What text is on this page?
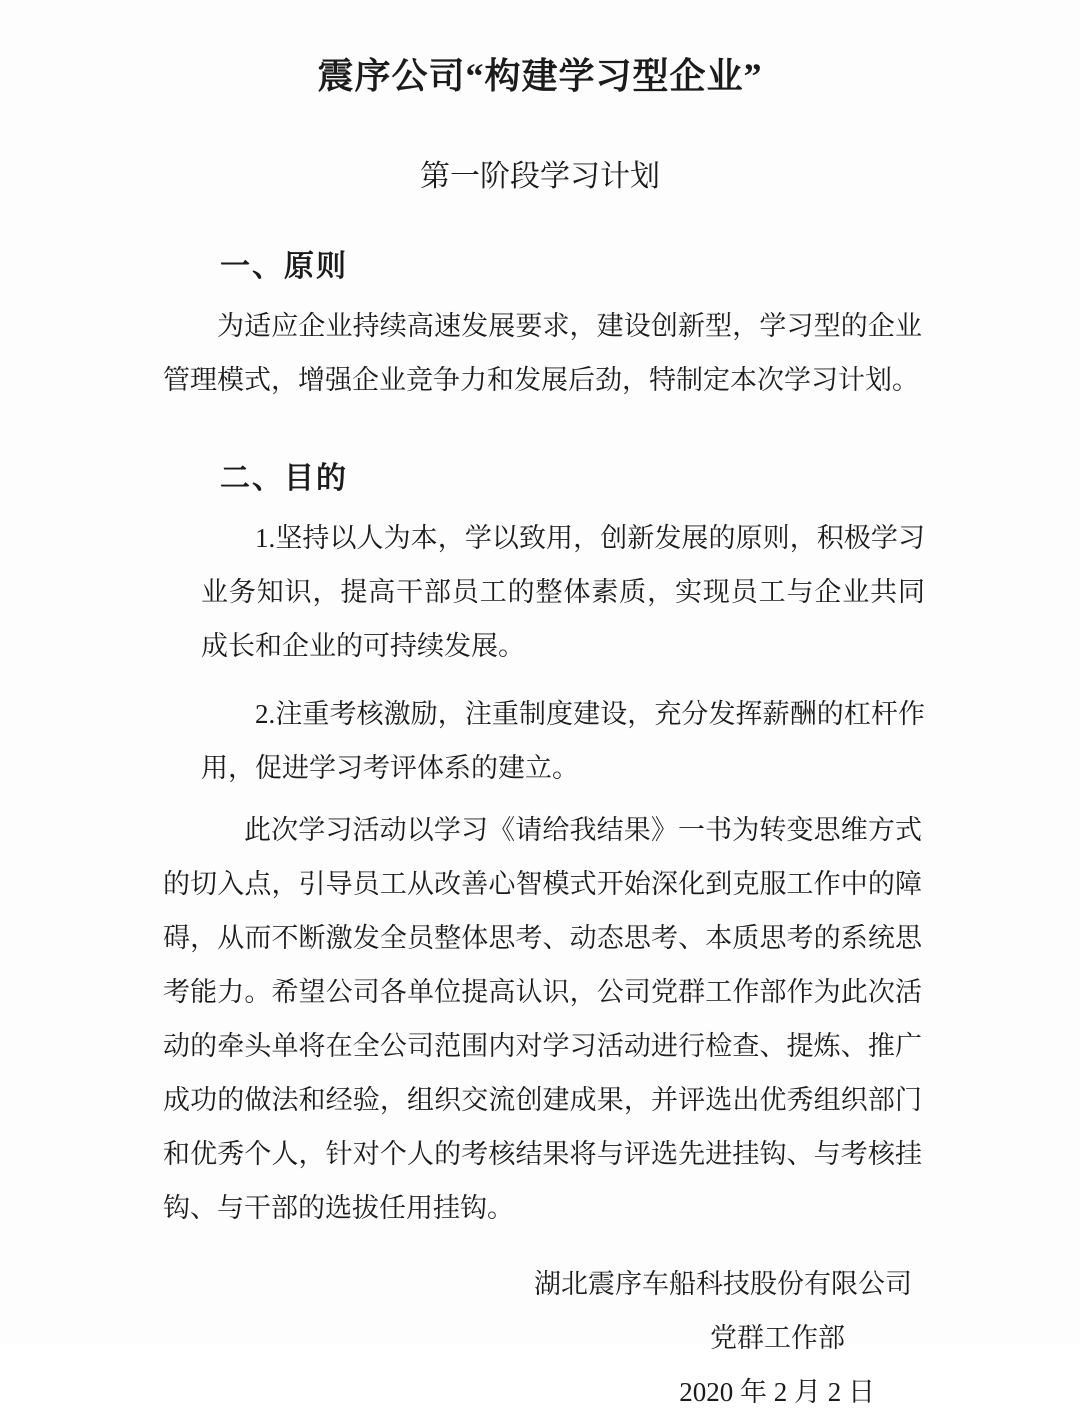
震序公司“构建学习型企业”
第一阶段学习计划
一、原则

为适应企业持续高速发展要求，建设创新型，学习型的企业管理模式，增强企业竞争力和发展后劲，特制定本次学习计划。

二、目的

1.坚持以人为本，学以致用，创新发展的原则，积极学习业务知识，提高干部员工的整体素质，实现员工与企业共同成长和企业的可持续发展。

2.注重考核激励，注重制度建设，充分发挥薪酬的杠杆作用，促进学习考评体系的建立。

此次学习活动以学习《请给我结果》一书为转变思维方式的切入点，引导员工从改善心智模式开始深化到克服工作中的障碍，从而不断激发全员整体思考、动态思考、本质思考的系统思考能力。希望公司各单位提高认识，公司党群工作部作为此次活动的牵头单将在全公司范围内对学习活动进行检查、提炼、推广成功的做法和经验，组织交流创建成果，并评选出优秀组织部门和优秀个人，针对个人的考核结果将与评选先进挂钩、与考核挂钩、与干部的选拔任用挂钩。

湖北震序车船科技股份有限公司
党群工作部
2020 年 2 月 2 日
